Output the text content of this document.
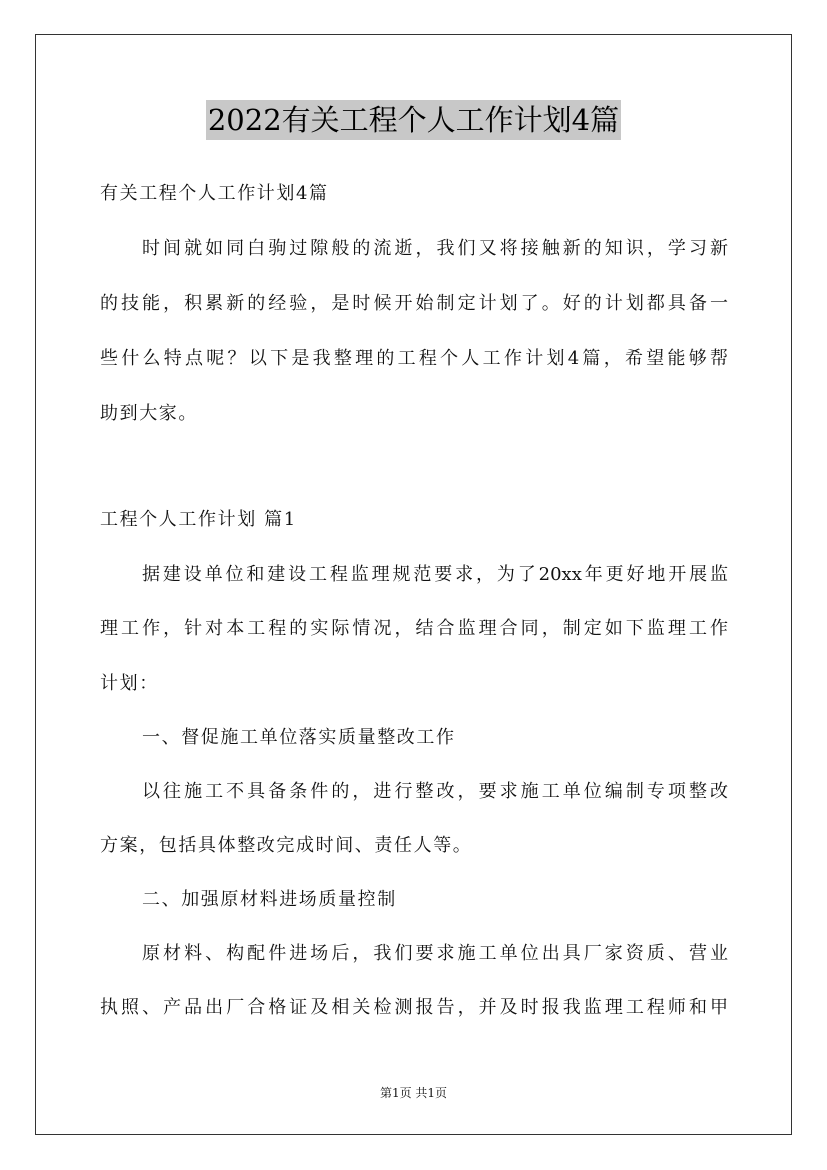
2022有关工程个人工作计划4篇
有关工程个人工作计划4篇
时间就如同白驹过隙般的流逝，我们又将接触新的知识，学习新
的技能，积累新的经验，是时候开始制定计划了。好的计划都具备一
些什么特点呢？以下是我整理的工程个人工作计划4篇，希望能够帮
助到大家。
工程个人工作计划 篇1
据建设单位和建设工程监理规范要求，为了20xx年更好地开展监
理工作，针对本工程的实际情况，结合监理合同，制定如下监理工作
计划：
一、督促施工单位落实质量整改工作
以往施工不具备条件的，进行整改，要求施工单位编制专项整改
方案，包括具体整改完成时间、责任人等。
二、加强原材料进场质量控制
原材料、构配件进场后，我们要求施工单位出具厂家资质、营业
执照、产品出厂合格证及相关检测报告，并及时报我监理工程师和甲
第1页 共1页
